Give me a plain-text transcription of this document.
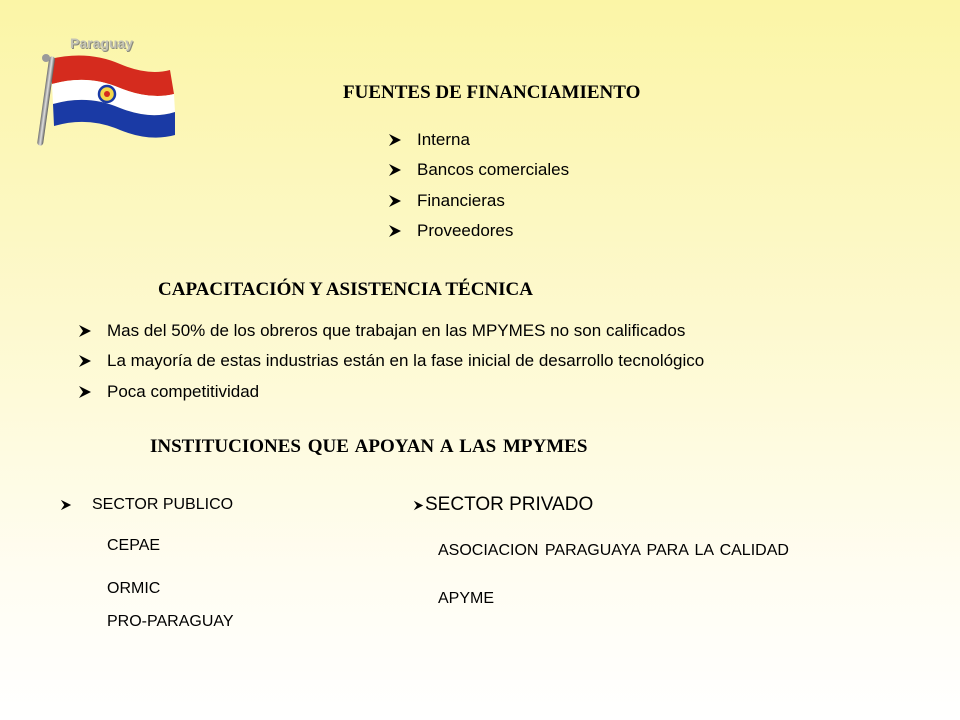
Paraguay
FUENTES DE FINANCIAMIENTO
Interna
Bancos comerciales
Financieras
Proveedores
CAPACITACIÓN Y ASISTENCIA TÉCNICA
Mas del 50% de los obreros que trabajan en las MPYMES no son calificados
La mayoría de estas industrias están en la fase inicial de desarrollo tecnológico
Poca competitividad
INSTITUCIONES QUE APOYAN A LAS MPYMES
SECTOR PUBLICO
CEPAE
ORMIC
PRO-PARAGUAY
SECTOR PRIVADO
ASOCIACION PARAGUAYA PARA LA CALIDAD
APYME
